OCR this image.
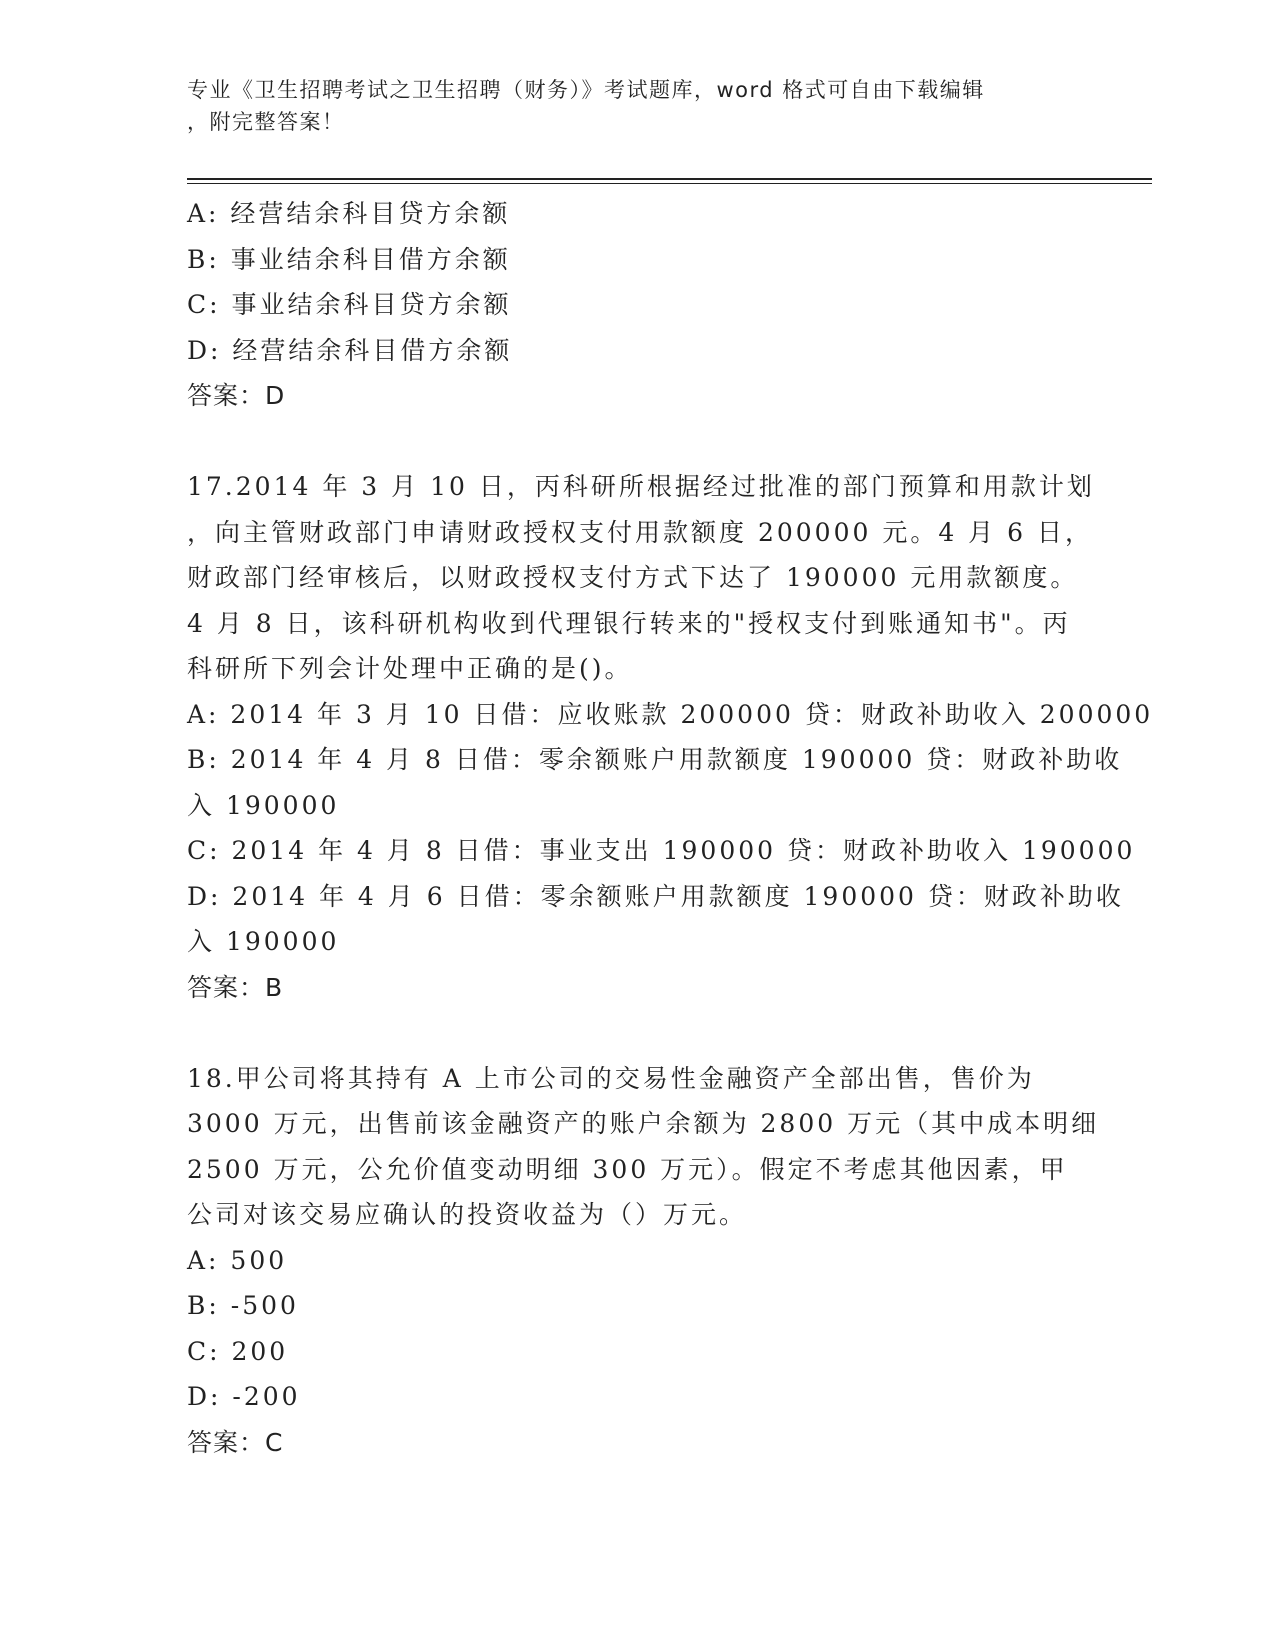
专业《卫生招聘考试之卫生招聘（财务）》考试题库，word 格式可自由下载编辑
，附完整答案！
A: 经营结余科目贷方余额
B: 事业结余科目借方余额
C: 事业结余科目贷方余额
D: 经营结余科目借方余额
答案：D
17.2014 年 3 月 10 日，丙科研所根据经过批准的部门预算和用款计划
，向主管财政部门申请财政授权支付用款额度 200000 元。4 月 6 日，
财政部门经审核后，以财政授权支付方式下达了 190000 元用款额度。
4 月 8 日，该科研机构收到代理银行转来的"授权支付到账通知书"。丙
科研所下列会计处理中正确的是()。
A: 2014 年 3 月 10 日借：应收账款 200000 贷：财政补助收入 200000
B: 2014 年 4 月 8 日借：零余额账户用款额度 190000 贷：财政补助收
入 190000
C: 2014 年 4 月 8 日借：事业支出 190000 贷：财政补助收入 190000
D: 2014 年 4 月 6 日借：零余额账户用款额度 190000 贷：财政补助收
入 190000
答案：B
18.甲公司将其持有 A 上市公司的交易性金融资产全部出售，售价为
3000 万元，出售前该金融资产的账户余额为 2800 万元（其中成本明细
2500 万元，公允价值变动明细 300 万元）。假定不考虑其他因素，甲
公司对该交易应确认的投资收益为（）万元。
A: 500
B: -500
C: 200
D: -200
答案：C
